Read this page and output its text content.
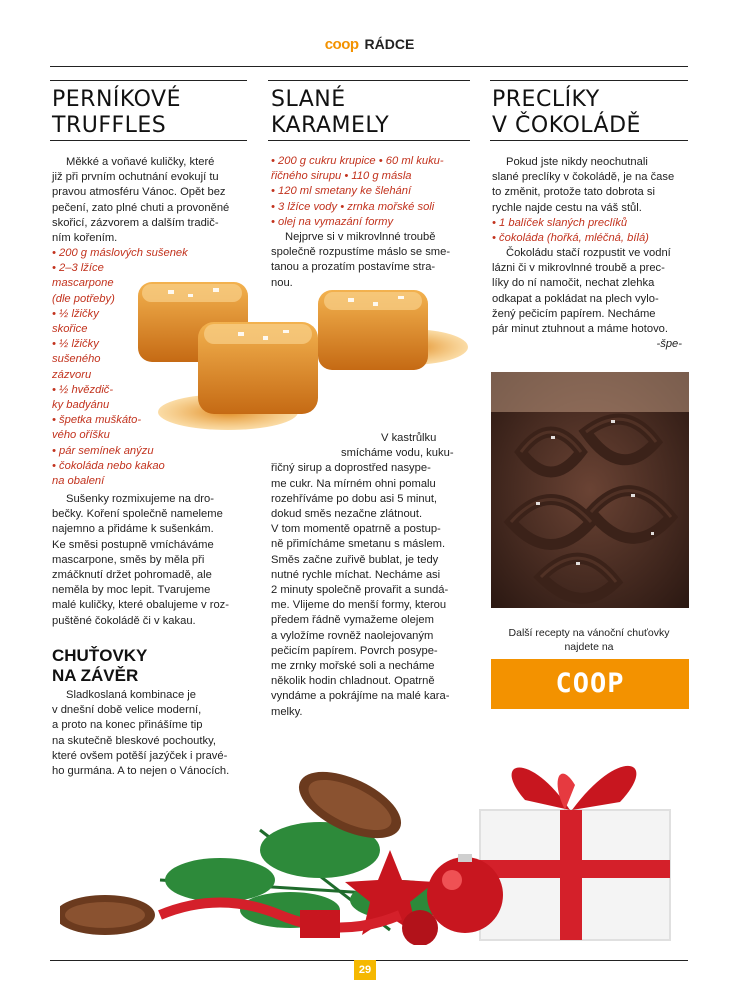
coop RÁDCE
PERNÍKOVÉ
TRUFFLES
SLANÉ
KARAMELY
PRECLÍKY
V ČOKOLÁDĚ

Měkké a voňavé kuličky, které

již při prvním ochutnání evokují tu

pravou atmosféru Vánoc. Opět bez

pečení, zato plné chuti a provoněné

skořicí, zázvorem a dalším tradič-

ním kořením.

• 200 g máslových sušenek

• 2–3 lžíce

mascarpone

(dle potřeby)

• ½ lžičky

skořice

• ½ lžičky

sušeného

zázvoru

• ½ hvězdič-

ky badyánu

• špetka muškáto-

vého oříšku

• pár semínek anýzu

• čokoláda nebo kakao

na obalení

Sušenky rozmixujeme na dro-

bečky. Koření společně nameleme

najemno a přidáme k sušenkám.

Ke směsi postupně vmícháváme

mascarpone, směs by měla při

zmáčknutí držet pohromadě, ale

neměla by moc lepit. Tvarujeme

malé kuličky, které obalujeme v roz-

puštěné čokoládě či v kakau.

CHUŤOVKY
NA ZÁVĚR

Sladkoslaná kombinace je

v dnešní době velice moderní,

a proto na konec přinášíme tip

na skutečně bleskové pochoutky,

které ovšem potěší jazýček i pravé-

ho gurmána. A to nejen o Vánocích.

• 200 g cukru krupice • 60 ml kuku-

řičného sirupu • 110 g másla

• 120 ml smetany ke šlehání

• 3 lžíce vody • zrnka mořské soli

• olej na vymazání formy

Nejprve si v mikrovlnné troubě

společně rozpustíme máslo se sme-

tanou a prozatím postavíme stra-

nou.

V kastrůlku

smícháme vodu, kuku-

řičný sirup a doprostřed nasype-

me cukr. Na mírném ohni pomalu

rozehříváme po dobu asi 5 minut,

dokud směs nezačne zlátnout.

V tom momentě opatrně a postup-

ně přimícháme smetanu s máslem.

Směs začne zuřivě bublat, je tedy

nutné rychle míchat. Necháme asi

2 minuty společně provařit a sundá-

me. Vlijeme do menší formy, kterou

předem řádně vymažeme olejem

a vyložíme rovněž naolejovaným

pečicím papírem. Povrch posype-

me zrnky mořské soli a necháme

několik hodin chladnout. Opatrně

vyndáme a pokrájíme na malé kara-

melky.

Pokud jste nikdy neochutnali

slané preclíky v čokoládě, je na čase

to změnit, protože tato dobrota si

rychle najde cestu na váš stůl.

• 1 balíček slaných preclíků

• čokoláda (hořká, mléčná, bílá)

Čokoládu stačí rozpustit ve vodní

lázni či v mikrovlnné troubě a prec-

líky do ní namočit, nechat zlehka

odkapat a pokládat na plech vylo-

žený pečicím papírem. Necháme

pár minut ztuhnout a máme hotovo.

-špe-

Další recepty na vánoční chuťovky

najdete na

COOP CLUB.CZ
29
